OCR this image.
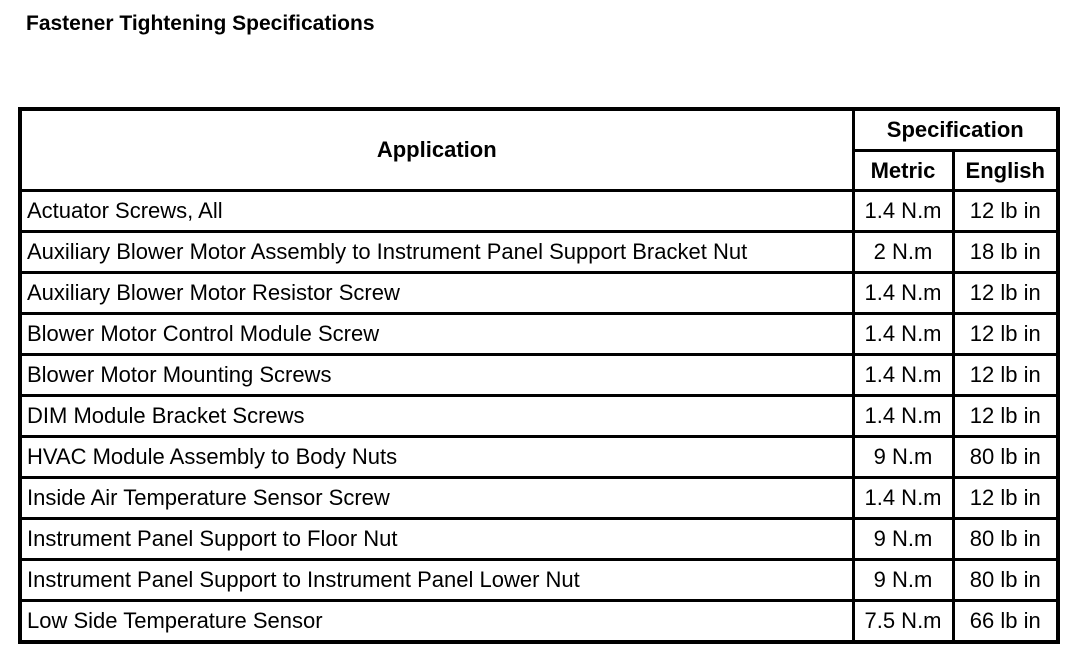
Fastener Tightening Specifications
Application	Specification	
	Metric	English
Actuator Screws, All	1.4 N.m	12 lb in
Auxiliary Blower Motor Assembly to Instrument Panel Support Bracket Nut	2 N.m	18 lb in
Auxiliary Blower Motor Resistor Screw	1.4 N.m	12 lb in
Blower Motor Control Module Screw	1.4 N.m	12 lb in
Blower Motor Mounting Screws	1.4 N.m	12 lb in
DIM Module Bracket Screws	1.4 N.m	12 lb in
HVAC Module Assembly to Body Nuts	9 N.m	80 lb in
Inside Air Temperature Sensor Screw	1.4 N.m	12 lb in
Instrument Panel Support to Floor Nut	9 N.m	80 lb in
Instrument Panel Support to Instrument Panel Lower Nut	9 N.m	80 lb in
Low Side Temperature Sensor	7.5 N.m	66 lb in
